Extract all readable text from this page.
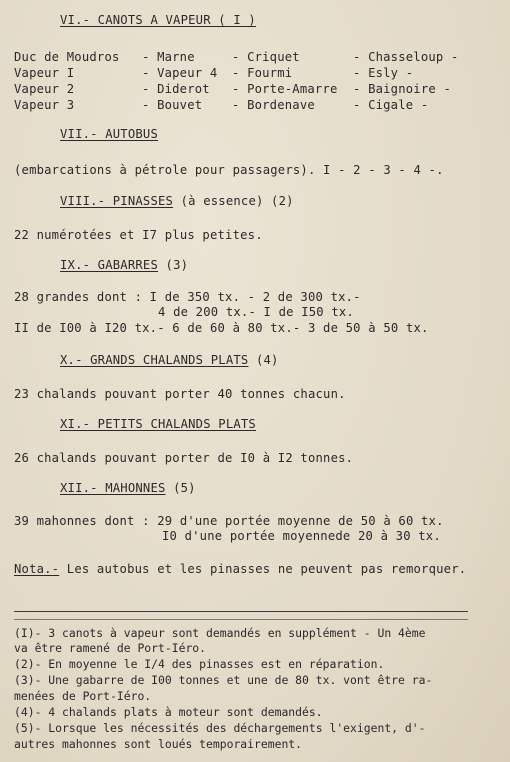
VI.- CANOTS A VAPEUR ( I )
Duc de Moudros - Marne	- Criquet	- Chasseloup -
Vapeur I	- Vapeur 4 - Fourmi	- Esly -
Vapeur 2	- Diderot - Porte-Amarre - Baignoire -
Vapeur 3	- Bouvet - Bordenave	- Cigale -
VII.- AUTOBUS
(embarcations à pétrole pour passagers). I - 2 - 3 - 4 -.
VIII.- PINASSES (à essence) (2)
22 numérotées et I7 plus petites.
IX.- GABARRES (3)
28 grandes dont : I de 350 tx. - 2 de 300 tx.-
4 de 200 tx.- I de I50 tx.
II de I00 à I20 tx.- 6 de 60 à 80 tx.- 3 de 50 à 50 tx.
X.- GRANDS CHALANDS PLATS (4)
23 chalands pouvant porter 40 tonnes chacun.
XI.- PETITS CHALANDS PLATS
26 chalands pouvant porter de I0 à I2 tonnes.
XII.- MAHONNES (5)
39 mahonnes dont : 29 d'une portée moyenne de 50 à 60 tx.
I0 d'une portée moyennede 20 à 30 tx.
Nota.- Les autobus et les pinasses ne peuvent pas remorquer.
(I)- 3 canots à vapeur sont demandés en supplément - Un 4ème
va être ramené de Port-Iéro.
(2)- En moyenne le I/4 des pinasses est en réparation.
(3)- Une gabarre de I00 tonnes et une de 80 tx. vont être ra-
menées de Port-Iéro.
(4)- 4 chalands plats à moteur sont demandés.
(5)- Lorsque les nécessités des déchargements l'exigent, d'-
autres mahonnes sont loués temporairement.
